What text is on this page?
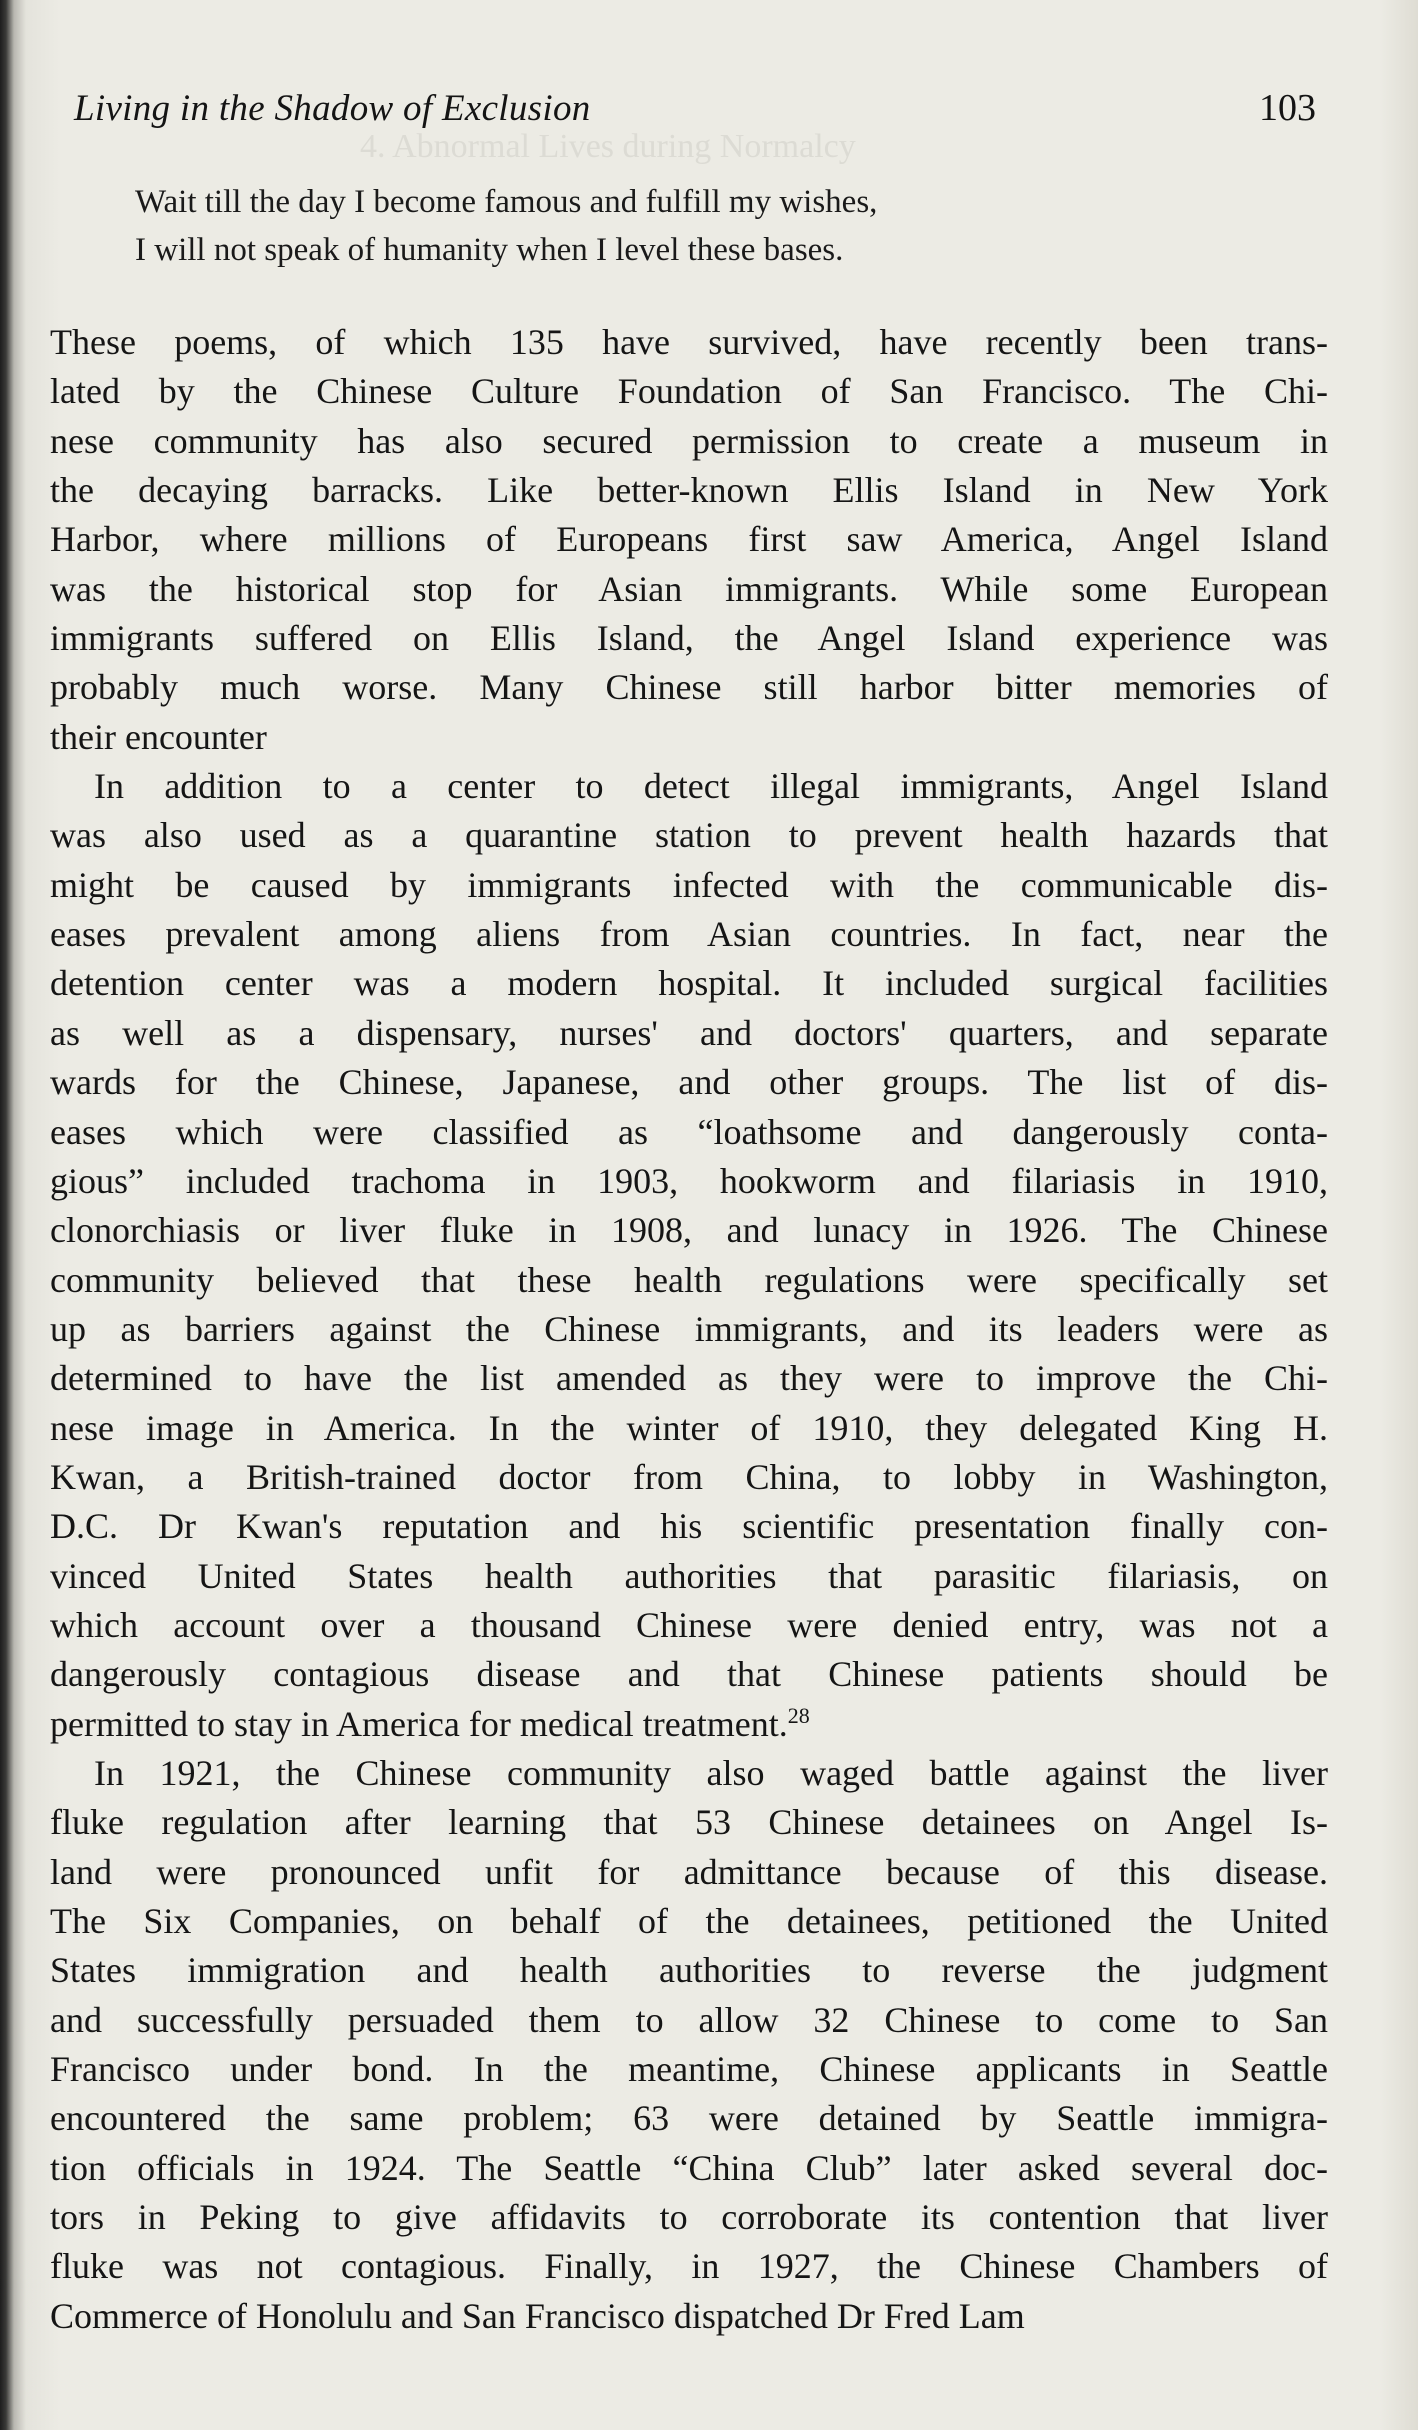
4. Abnormal Lives during Normalcy
Living in the Shadow of Exclusion	103
Wait till the day I become famous and fulfill my wishes,
I will not speak of humanity when I level these bases.
These poems, of which 135 have survived, have recently been trans-
lated by the Chinese Culture Foundation of San Francisco. The Chi-
nese community has also secured permission to create a museum in
the decaying barracks. Like better-known Ellis Island in New York
Harbor, where millions of Europeans first saw America, Angel Island
was the historical stop for Asian immigrants. While some European
immigrants suffered on Ellis Island, the Angel Island experience was
probably much worse. Many Chinese still harbor bitter memories of
their encounter
In addition to a center to detect illegal immigrants, Angel Island
was also used as a quarantine station to prevent health hazards that
might be caused by immigrants infected with the communicable dis-
eases prevalent among aliens from Asian countries. In fact, near the
detention center was a modern hospital. It included surgical facilities
as well as a dispensary, nurses' and doctors' quarters, and separate
wards for the Chinese, Japanese, and other groups. The list of dis-
eases which were classified as “loathsome and dangerously conta-
gious” included trachoma in 1903, hookworm and filariasis in 1910,
clonorchiasis or liver fluke in 1908, and lunacy in 1926. The Chinese
community believed that these health regulations were specifically set
up as barriers against the Chinese immigrants, and its leaders were as
determined to have the list amended as they were to improve the Chi-
nese image in America. In the winter of 1910, they delegated King H.
Kwan, a British-trained doctor from China, to lobby in Washington,
D.C. Dr Kwan's reputation and his scientific presentation finally con-
vinced United States health authorities that parasitic filariasis, on
which account over a thousand Chinese were denied entry, was not a
dangerously contagious disease and that Chinese patients should be
permitted to stay in America for medical treatment.$^{28}$
In 1921, the Chinese community also waged battle against the liver
fluke regulation after learning that 53 Chinese detainees on Angel Is-
land were pronounced unfit for admittance because of this disease.
The Six Companies, on behalf of the detainees, petitioned the United
States immigration and health authorities to reverse the judgment
and successfully persuaded them to allow 32 Chinese to come to San
Francisco under bond. In the meantime, Chinese applicants in Seattle
encountered the same problem; 63 were detained by Seattle immigra-
tion officials in 1924. The Seattle “China Club” later asked several doc-
tors in Peking to give affidavits to corroborate its contention that liver
fluke was not contagious. Finally, in 1927, the Chinese Chambers of
Commerce of Honolulu and San Francisco dispatched Dr Fred Lam
